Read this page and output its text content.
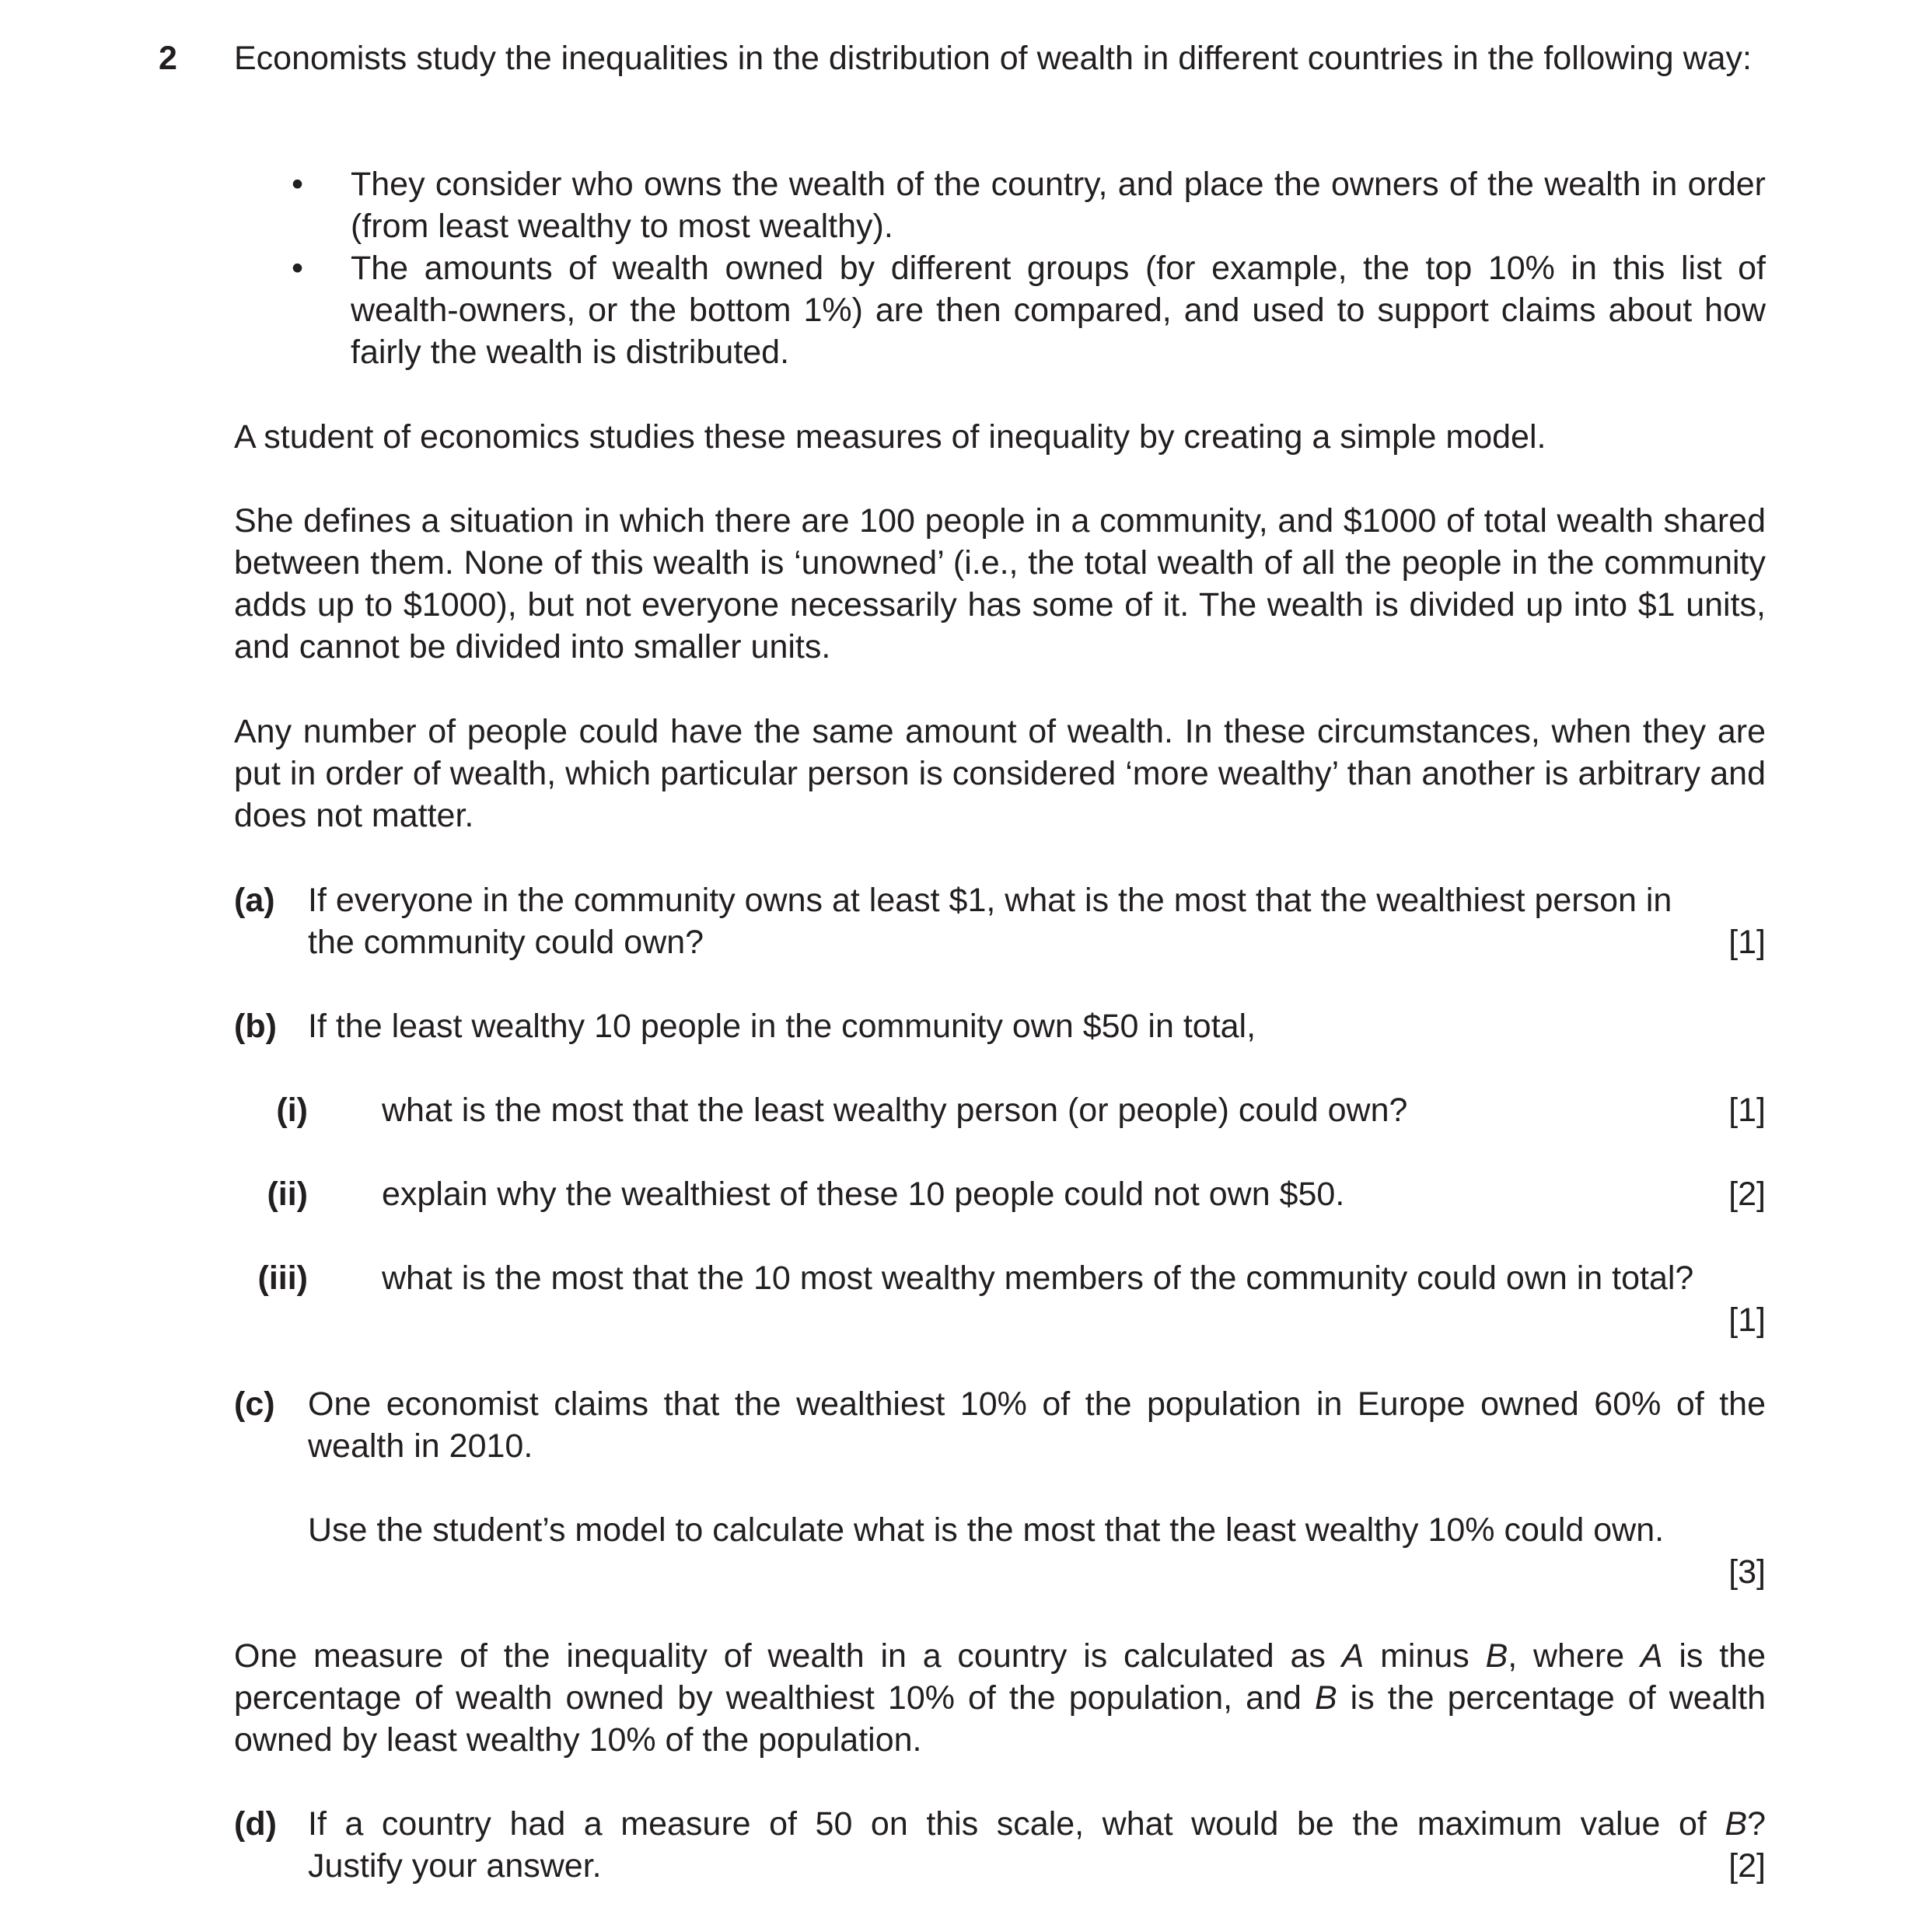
2 Economists study the inequalities in the distribution of wealth in different countries in the following way:
• They consider who owns the wealth of the country, and place the owners of the wealth in order (from least wealthy to most wealthy).
• The amounts of wealth owned by different groups (for example, the top 10% in this list of wealth-owners, or the bottom 1%) are then compared, and used to support claims about how fairly the wealth is distributed.
A student of economics studies these measures of inequality by creating a simple model.
She defines a situation in which there are 100 people in a community, and $1000 of total wealth shared between them. None of this wealth is ‘unowned’ (i.e., the total wealth of all the people in the community adds up to $1000), but not everyone necessarily has some of it. The wealth is divided up into $1 units, and cannot be divided into smaller units.
Any number of people could have the same amount of wealth. In these circumstances, when they are put in order of wealth, which particular person is considered ‘more wealthy’ than another is arbitrary and does not matter.
(a) If everyone in the community owns at least $1, what is the most that the wealthiest person in
the community could own?	[1]
(b) If the least wealthy 10 people in the community own $50 in total,
(i) what is the most that the least wealthy person (or people) could own?	[1]
(ii) explain why the wealthiest of these 10 people could not own $50.	[2]
(iii) what is the most that the 10 most wealthy members of the community could own in total?
[1]
(c) One economist claims that the wealthiest 10% of the population in Europe owned 60% of the wealth in 2010.
Use the student’s model to calculate what is the most that the least wealthy 10% could own.
[3]
One measure of the inequality of wealth in a country is calculated as A minus B, where A is the percentage of wealth owned by wealthiest 10% of the population, and B is the percentage of wealth owned by least wealthy 10% of the population.
(d) If a country had a measure of 50 on this scale, what would be the maximum value of B?
Justify your answer.	[2]
